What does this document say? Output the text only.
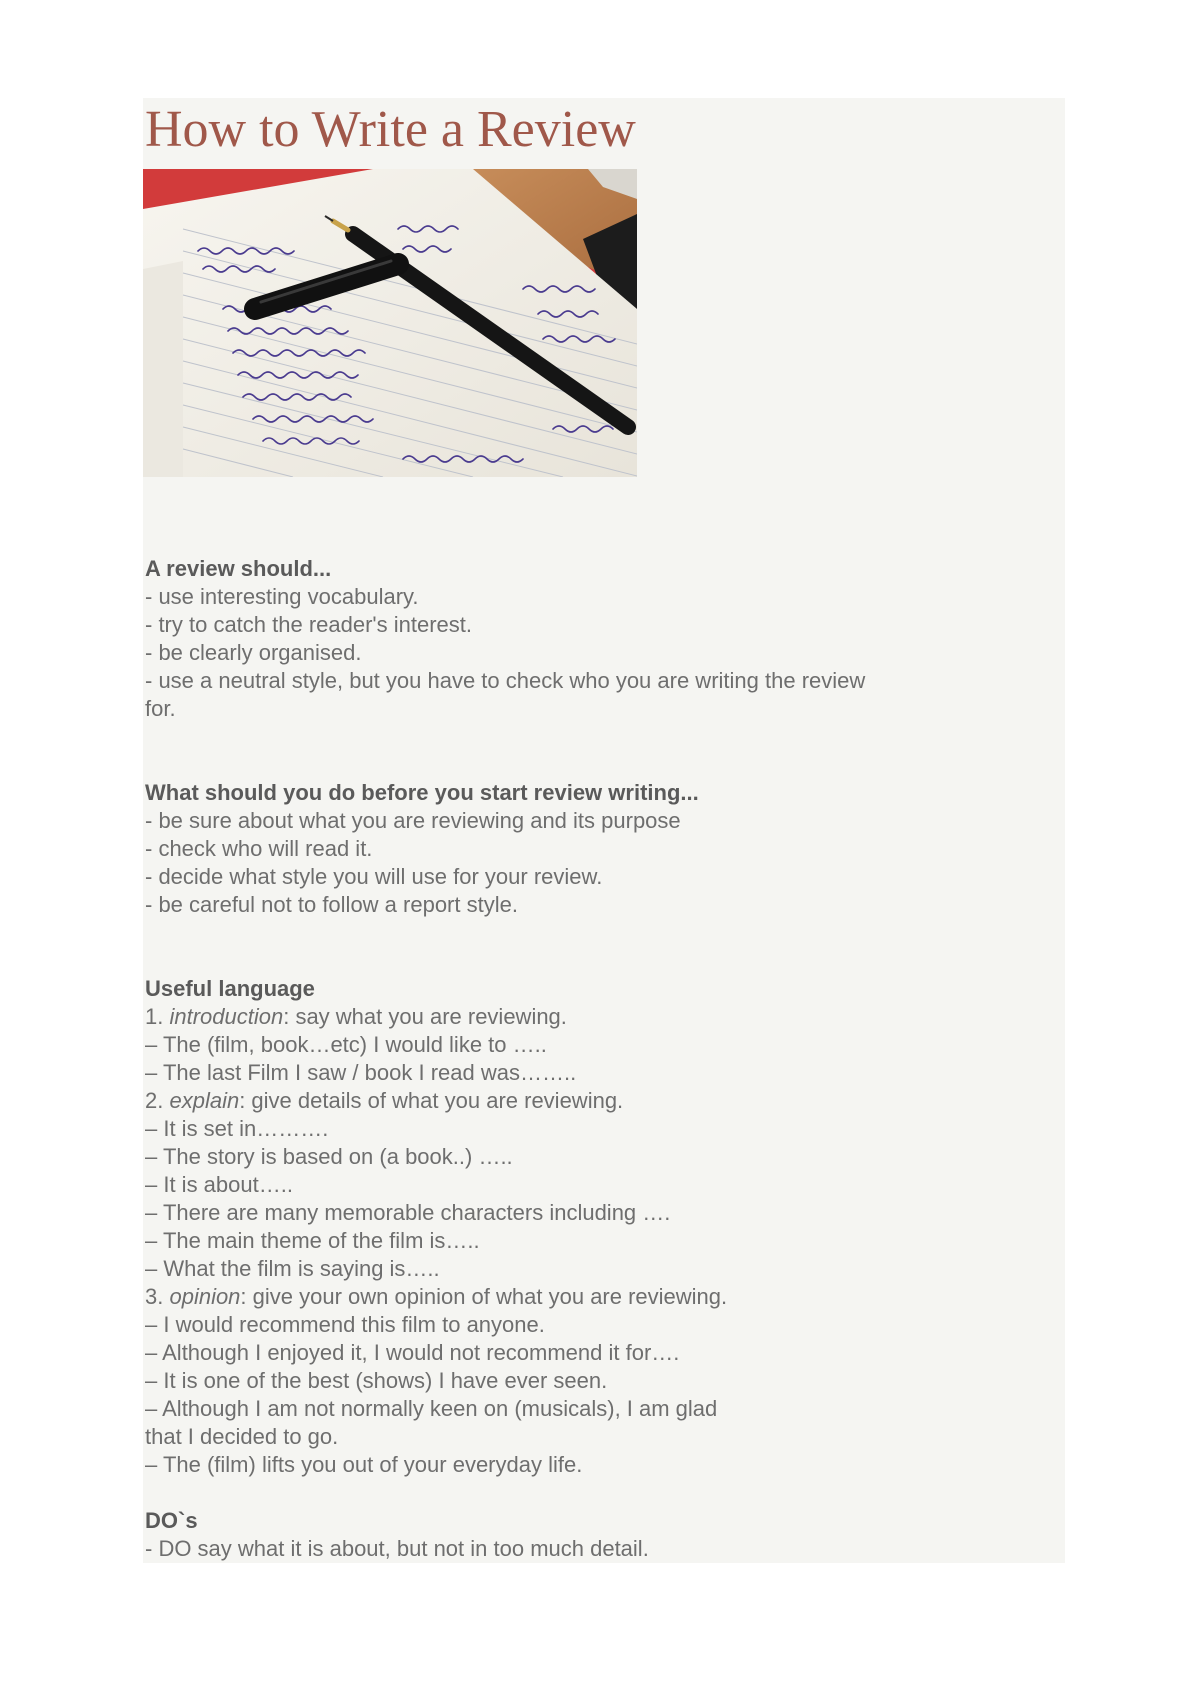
How to Write a Review
A review should...
- use interesting vocabulary.
- try to catch the reader's interest.
- be clearly organised.
- use a neutral style, but you have to check who you are writing the review
for.
What should you do before you start review writing...
- be sure about what you are reviewing and its purpose
- check who will read it.
- decide what style you will use for your review.
- be careful not to follow a report style.
Useful language
1. introduction: say what you are reviewing.
– The (film, book…etc) I would like to …..
– The last Film I saw / book I read was……..
2. explain: give details of what you are reviewing.
– It is set in……….
– The story is based on (a book..) …..
– It is about…..
– There are many memorable characters including ….
– The main theme of the film is…..
– What the film is saying is…..
3. opinion: give your own opinion of what you are reviewing.
– I would recommend this film to anyone.
– Although I enjoyed it, I would not recommend it for….
– It is one of the best (shows) I have ever seen.
– Although I am not normally keen on (musicals), I am glad
that I decided to go.
– The (film) lifts you out of your everyday life.
DO`s
- DO say what it is about, but not in too much detail.
